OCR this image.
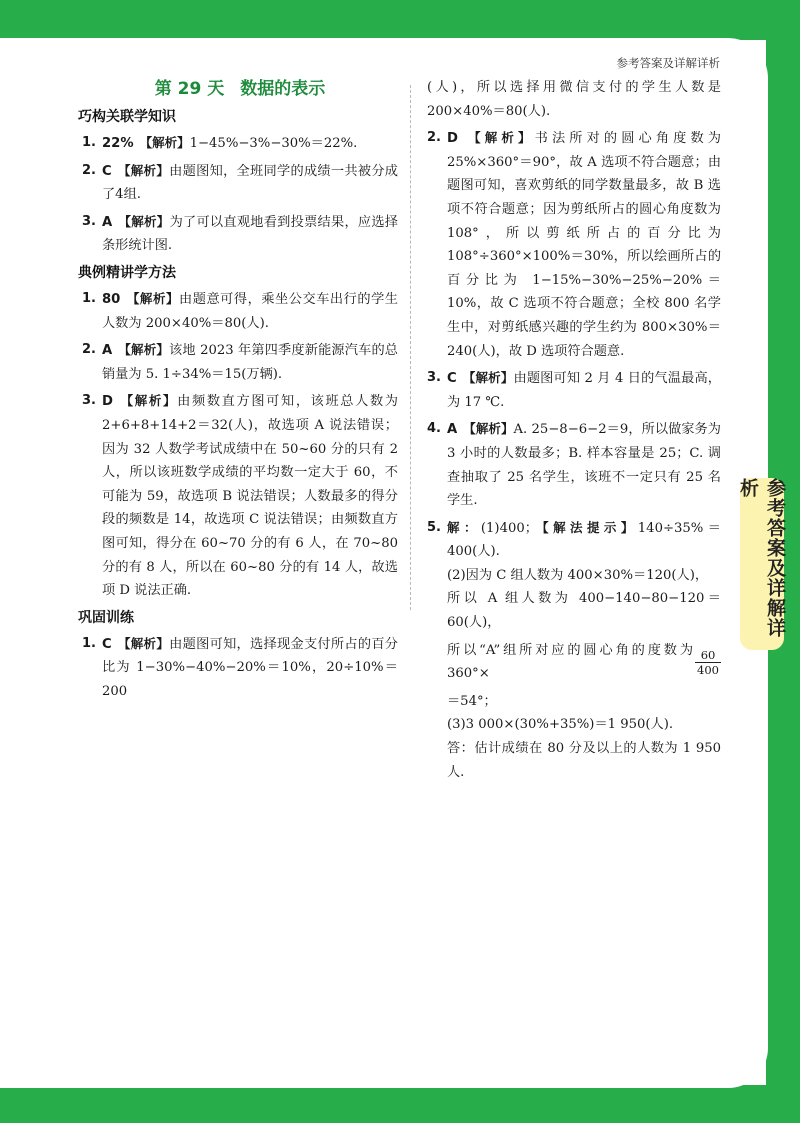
参考答案及详解详析
参考答案及详解详析
第 29 天 数据的表示
巧构关联学知识
1. 22% 【解析】1−45%−3%−30%＝22%.
2. C 【解析】由题图知，全班同学的成绩一共被分成了4组.
3. A 【解析】为了可以直观地看到投票结果，应选择条形统计图.
典例精讲学方法
1. 80 【解析】由题意可得，乘坐公交车出行的学生人数为 200×40%＝80(人).
2. A 【解析】该地 2023 年第四季度新能源汽车的总销量为 5. 1÷34%＝15(万辆).
3. D 【解析】由频数直方图可知，该班总人数为 2+6+8+14+2＝32(人)，故选项 A 说法错误；因为 32 人数学考试成绩中在 50~60 分的只有 2 人，所以该班数学成绩的平均数一定大于 60，不可能为 59，故选项 B 说法错误；人数最多的得分段的频数是 14，故选项 C 说法错误；由频数直方图可知，得分在 60~70 分的有 6 人，在 70~80 分的有 8 人，所以在 60~80 分的有 14 人，故选项 D 说法正确.
巩固训练
1. C 【解析】由题图可知，选择现金支付所占的百分比为 1−30%−40%−20%＝10%，20÷10%＝200
(人)，所以选择用微信支付的学生人数是 200×40%＝80(人).
2. D 【解析】书法所对的圆心角度数为 25%×360°＝90°，故 A 选项不符合题意；由题图可知，喜欢剪纸的同学数量最多，故 B 选项不符合题意；因为剪纸所占的圆心角度数为 108°，所以剪纸所占的百分比为 108°÷360°×100%＝30%，所以绘画所占的百分比为 1−15%−30%−25%−20%＝10%，故 C 选项不符合题意；全校 800 名学生中，对剪纸感兴趣的学生约为 800×30%＝240(人)，故 D 选项符合题意.
3. C 【解析】由题图可知 2 月 4 日的气温最高，为 17 ℃.
4. A 【解析】A. 25−8−6−2＝9，所以做家务为 3 小时的人数最多；B. 样本容量是 25；C. 调查抽取了 25 名学生，该班不一定只有 25 名学生.
5. 解：(1)400；【解法提示】140÷35%＝400(人).
(2)因为 C 组人数为 400×30%＝120(人)，
所以 A 组人数为 400−140−80−120＝60(人)，
所以“A”组所对应的圆心角的度数为 360°×	$\frac{60}{400}$
＝54°；
(3)3 000×(30%+35%)＝1 950(人).
答：估计成绩在 80 分及以上的人数为 1 950 人.
